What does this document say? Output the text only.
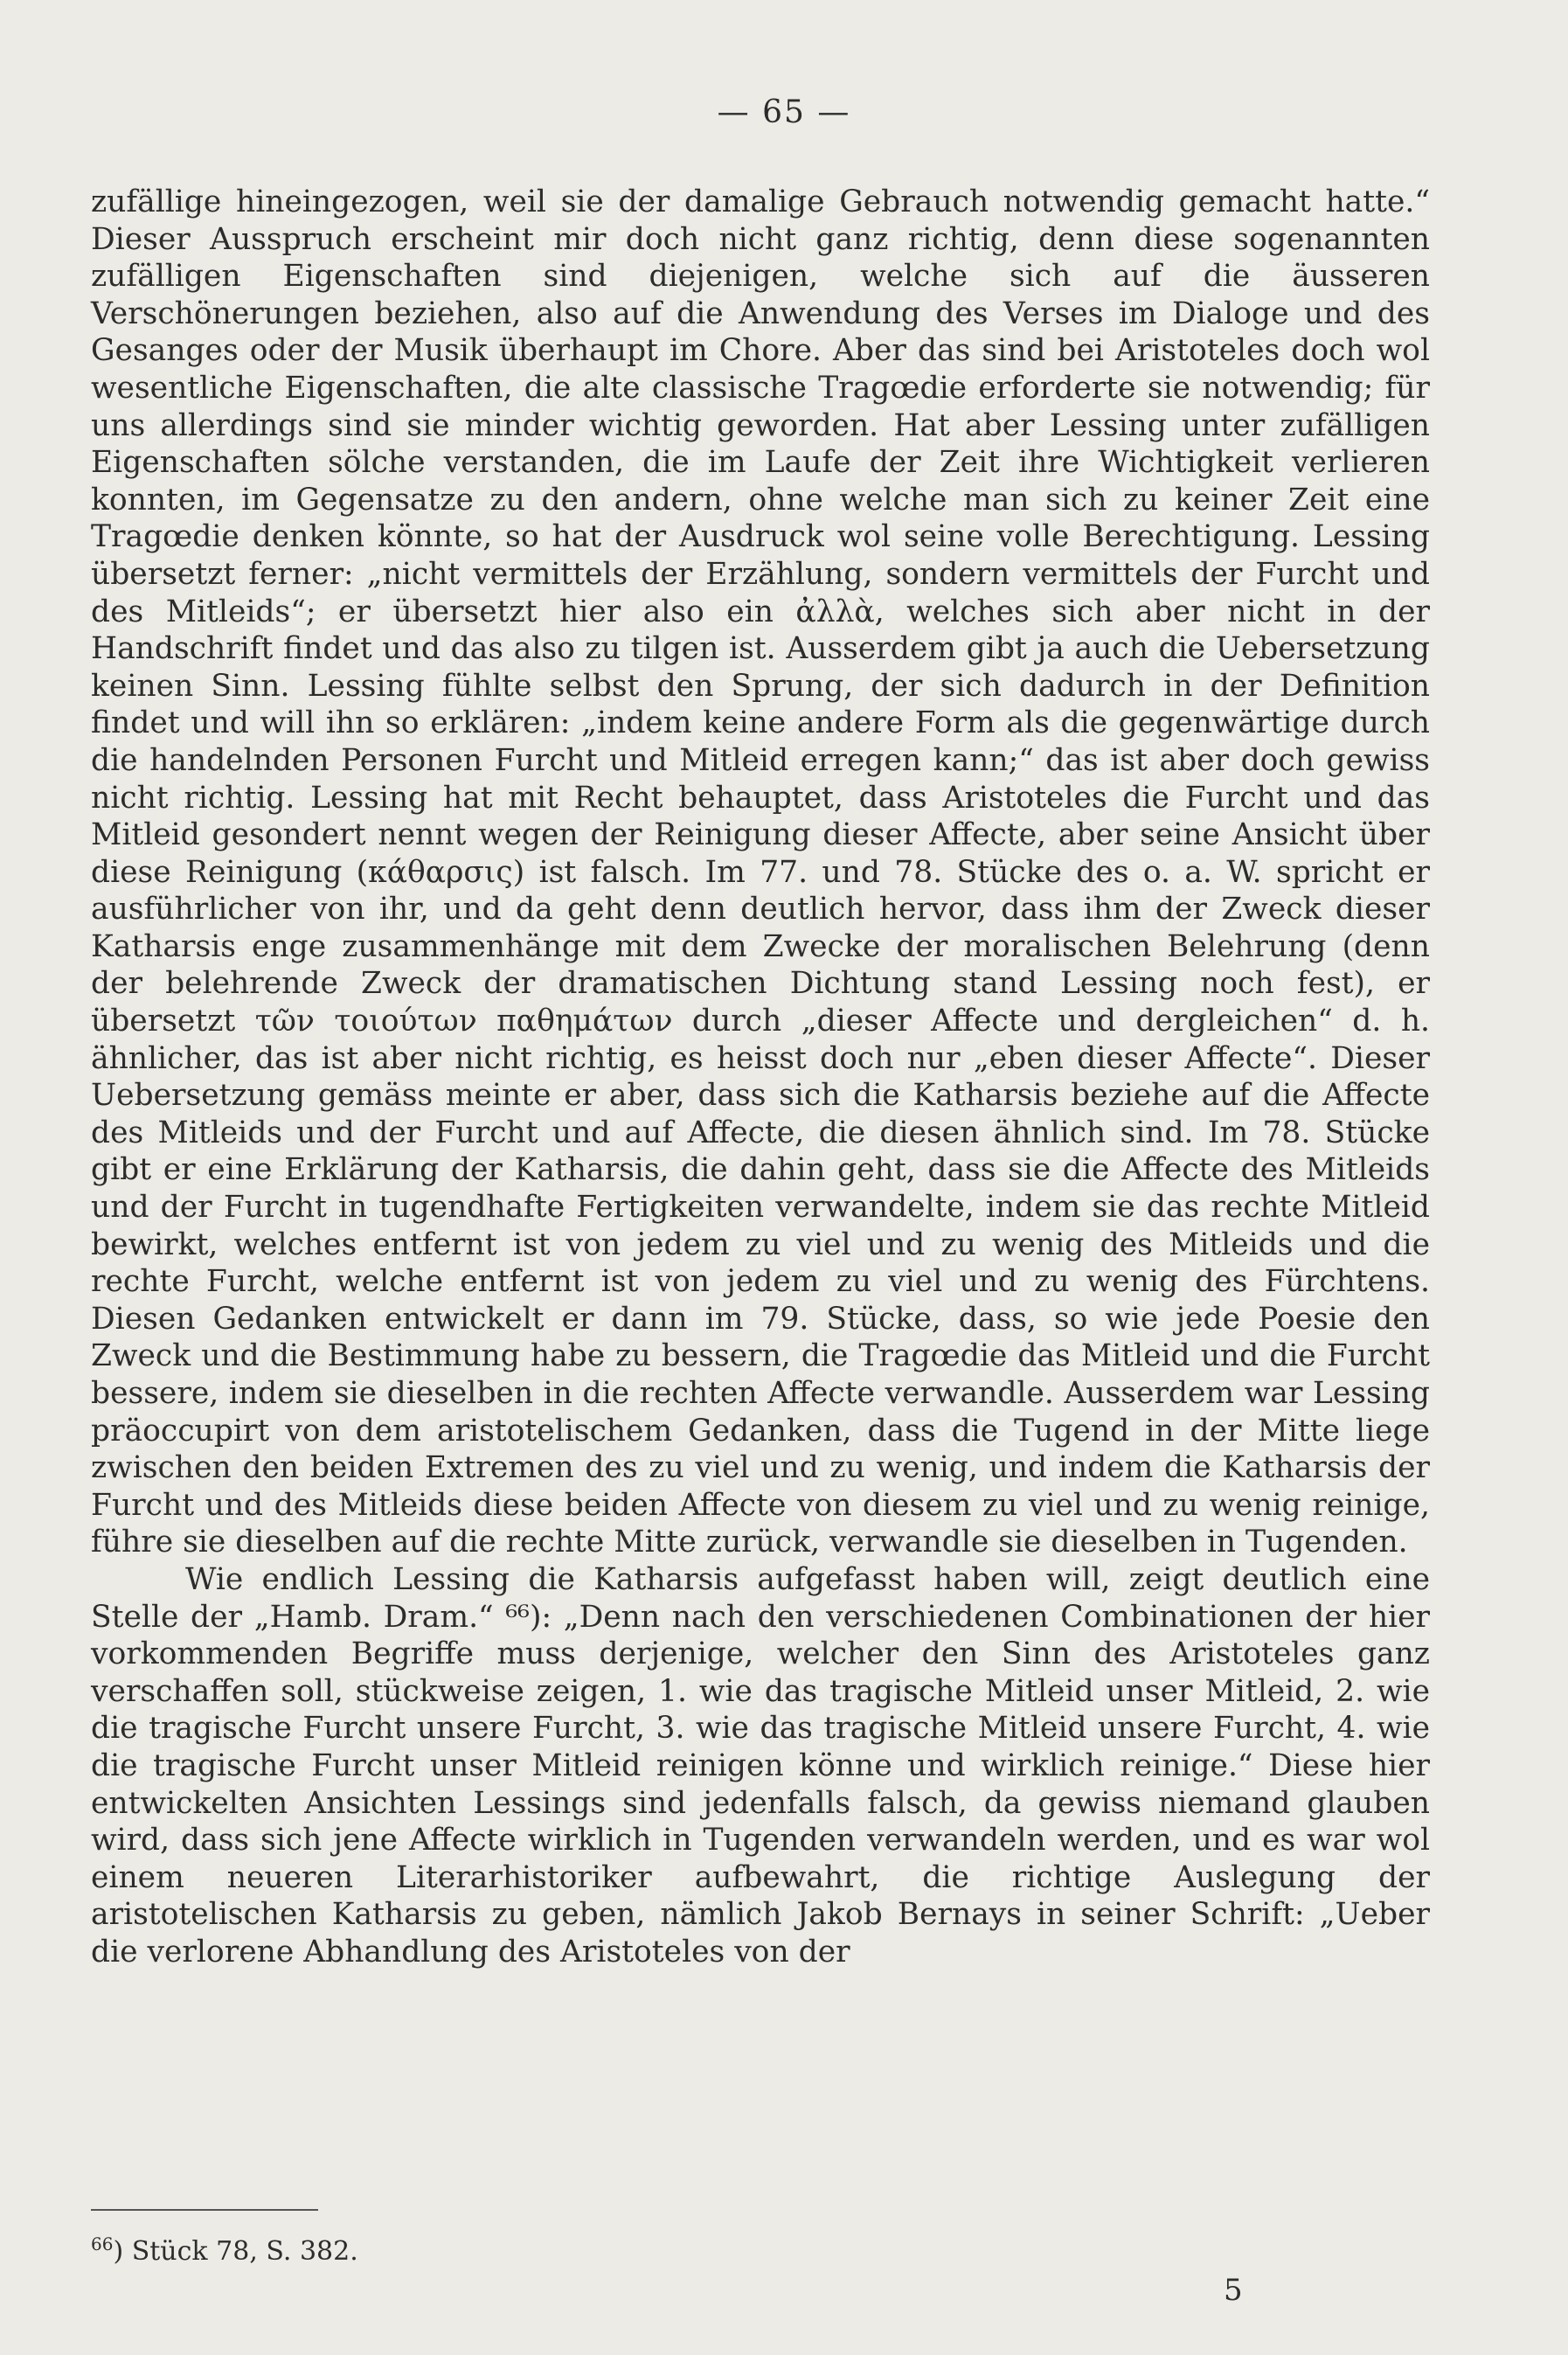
— 65 —

zufällige hineingezogen, weil sie der damalige Gebrauch notwendig gemacht hatte.“ Dieser Ausspruch erscheint mir doch nicht ganz richtig, denn diese sogenannten zufälligen Eigenschaften sind diejenigen, welche sich auf die äusseren Verschönerungen beziehen, also auf die Anwendung des Verses im Dialoge und des Gesanges oder der Musik überhaupt im Chore. Aber das sind bei Aristoteles doch wol wesentliche Eigenschaften, die alte classische Tragœdie erforderte sie notwendig; für uns allerdings sind sie minder wichtig geworden. Hat aber Lessing unter zufälligen Eigenschaften sölche verstanden, die im Laufe der Zeit ihre Wichtigkeit verlieren konnten, im Gegensatze zu den andern, ohne welche man sich zu keiner Zeit eine Tragœdie denken könnte, so hat der Ausdruck wol seine volle Berechtigung. Lessing übersetzt ferner: „nicht vermittels der Erzählung, sondern vermittels der Furcht und des Mitleids“; er übersetzt hier also ein ἀλλὰ, welches sich aber nicht in der Handschrift findet und das also zu tilgen ist. Ausserdem gibt ja auch die Uebersetzung keinen Sinn. Lessing fühlte selbst den Sprung, der sich dadurch in der Definition findet und will ihn so erklären: „indem keine andere Form als die gegenwärtige durch die handelnden Personen Furcht und Mitleid erregen kann;“ das ist aber doch gewiss nicht richtig. Lessing hat mit Recht behauptet, dass Aristoteles die Furcht und das Mitleid gesondert nennt wegen der Reinigung dieser Affecte, aber seine Ansicht über diese Reinigung (κάθαρσις) ist falsch. Im 77. und 78. Stücke des o. a. W. spricht er ausführlicher von ihr, und da geht denn deutlich hervor, dass ihm der Zweck dieser Katharsis enge zusammenhänge mit dem Zwecke der moralischen Belehrung (denn der belehrende Zweck der dramatischen Dichtung stand Lessing noch fest), er übersetzt τῶν τοιούτων παθημάτων durch „dieser Affecte und dergleichen“ d. h. ähnlicher, das ist aber nicht richtig, es heisst doch nur „eben dieser Affecte“. Dieser Uebersetzung gemäss meinte er aber, dass sich die Katharsis beziehe auf die Affecte des Mitleids und der Furcht und auf Affecte, die diesen ähnlich sind. Im 78. Stücke gibt er eine Erklärung der Katharsis, die dahin geht, dass sie die Affecte des Mitleids und der Furcht in tugendhafte Fertigkeiten verwandelte, indem sie das rechte Mitleid bewirkt, welches entfernt ist von jedem zu viel und zu wenig des Mitleids und die rechte Furcht, welche entfernt ist von jedem zu viel und zu wenig des Fürchtens. Diesen Gedanken entwickelt er dann im 79. Stücke, dass, so wie jede Poesie den Zweck und die Bestimmung habe zu bessern, die Tragœdie das Mitleid und die Furcht bessere, indem sie dieselben in die rechten Affecte verwandle. Ausserdem war Lessing präoccupirt von dem aristotelischem Gedanken, dass die Tugend in der Mitte liege zwischen den beiden Extremen des zu viel und zu wenig, und indem die Katharsis der Furcht und des Mitleids diese beiden Affecte von diesem zu viel und zu wenig reinige, führe sie dieselben auf die rechte Mitte zurück, verwandle sie dieselben in Tugenden.

Wie endlich Lessing die Katharsis aufgefasst haben will, zeigt deutlich eine Stelle der „Hamb. Dram.“ ⁶⁶): „Denn nach den verschiedenen Combinationen der hier vorkommenden Begriffe muss derjenige, welcher den Sinn des Aristoteles ganz verschaffen soll, stückweise zeigen, 1. wie das tragische Mitleid unser Mitleid, 2. wie die tragische Furcht unsere Furcht, 3. wie das tragische Mitleid unsere Furcht, 4. wie die tragische Furcht unser Mitleid reinigen könne und wirklich reinige.“ Diese hier entwickelten Ansichten Lessings sind jedenfalls falsch, da gewiss niemand glauben wird, dass sich jene Affecte wirklich in Tugenden verwandeln werden, und es war wol einem neueren Literarhistoriker aufbewahrt, die richtige Auslegung der aristotelischen Katharsis zu geben, nämlich Jakob Bernays in seiner Schrift: „Ueber die verlorene Abhandlung des Aristoteles von der

$^{66}$) Stück 78, S. 382.
5
